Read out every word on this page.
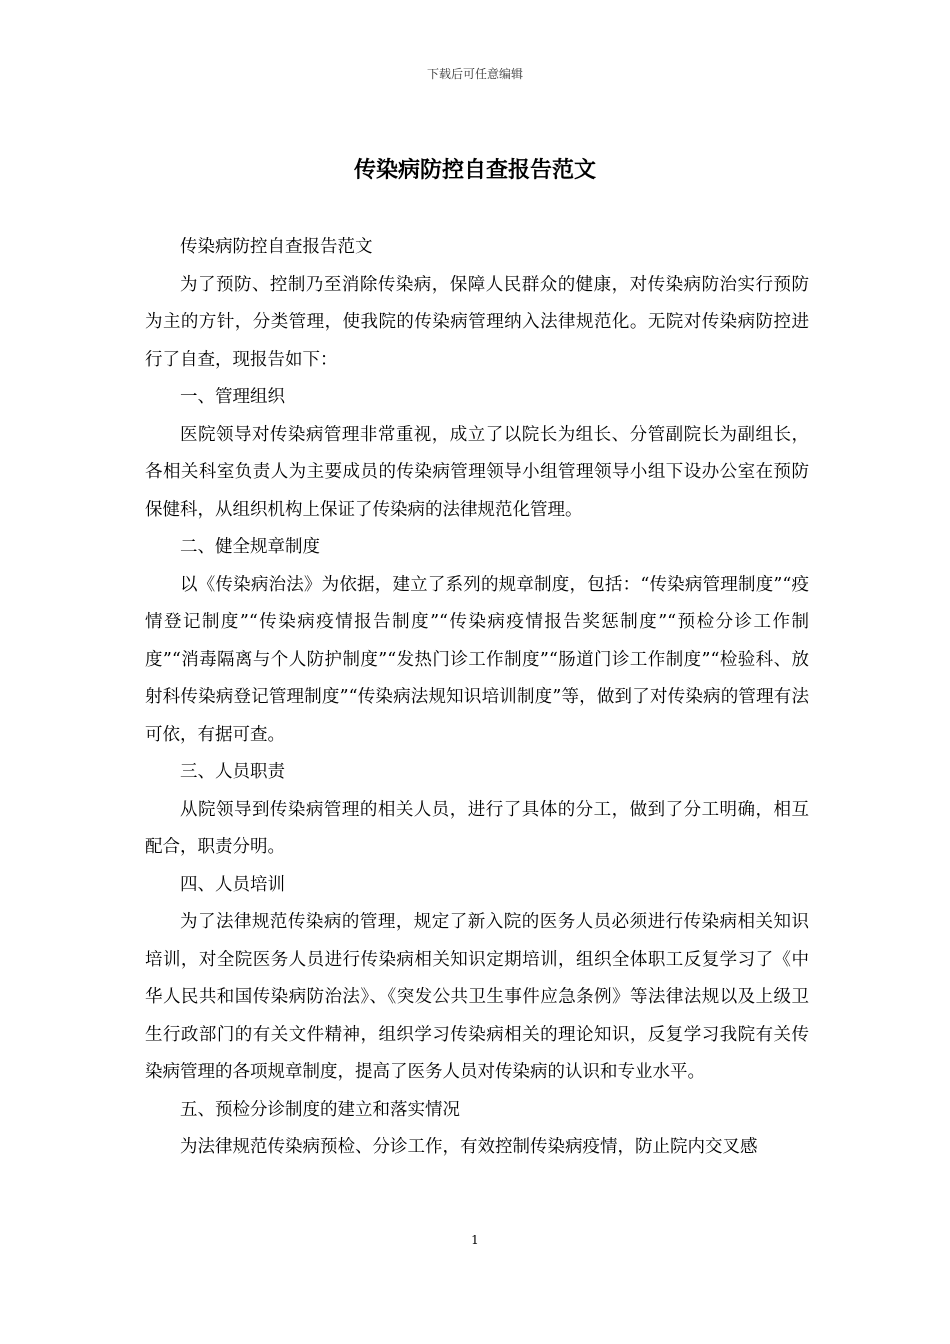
下载后可任意编辑
传染病防控自查报告范文

传染病防控自查报告范文

为了预防、控制乃至消除传染病，保障人民群众的健康，对传染病防治实行预防为主的方针，分类管理，使我院的传染病管理纳入法律规范化。无院对传染病防控进行了自查，现报告如下：

一、管理组织

医院领导对传染病管理非常重视，成立了以院长为组长、分管副院长为副组长，各相关科室负责人为主要成员的传染病管理领导小组管理领导小组下设办公室在预防保健科，从组织机构上保证了传染病的法律规范化管理。

二、健全规章制度

以《传染病治法》为依据，建立了系列的规章制度，包括：“传染病管理制度”“疫情登记制度”“传染病疫情报告制度”“传染病疫情报告奖惩制度”“预检分诊工作制度”“消毒隔离与个人防护制度”“发热门诊工作制度”“肠道门诊工作制度”“检验科、放射科传染病登记管理制度”“传染病法规知识培训制度”等，做到了对传染病的管理有法可依，有据可查。

三、人员职责

从院领导到传染病管理的相关人员，进行了具体的分工，做到了分工明确，相互配合，职责分明。

四、人员培训

为了法律规范传染病的管理，规定了新入院的医务人员必须进行传染病相关知识培训，对全院医务人员进行传染病相关知识定期培训，组织全体职工反复学习了《中华人民共和国传染病防治法》、《突发公共卫生事件应急条例》等法律法规以及上级卫生行政部门的有关文件精神，组织学习传染病相关的理论知识，反复学习我院有关传染病管理的各项规章制度，提高了医务人员对传染病的认识和专业水平。

五、预检分诊制度的建立和落实情况

为法律规范传染病预检、分诊工作，有效控制传染病疫情，防止院内交叉感

1
